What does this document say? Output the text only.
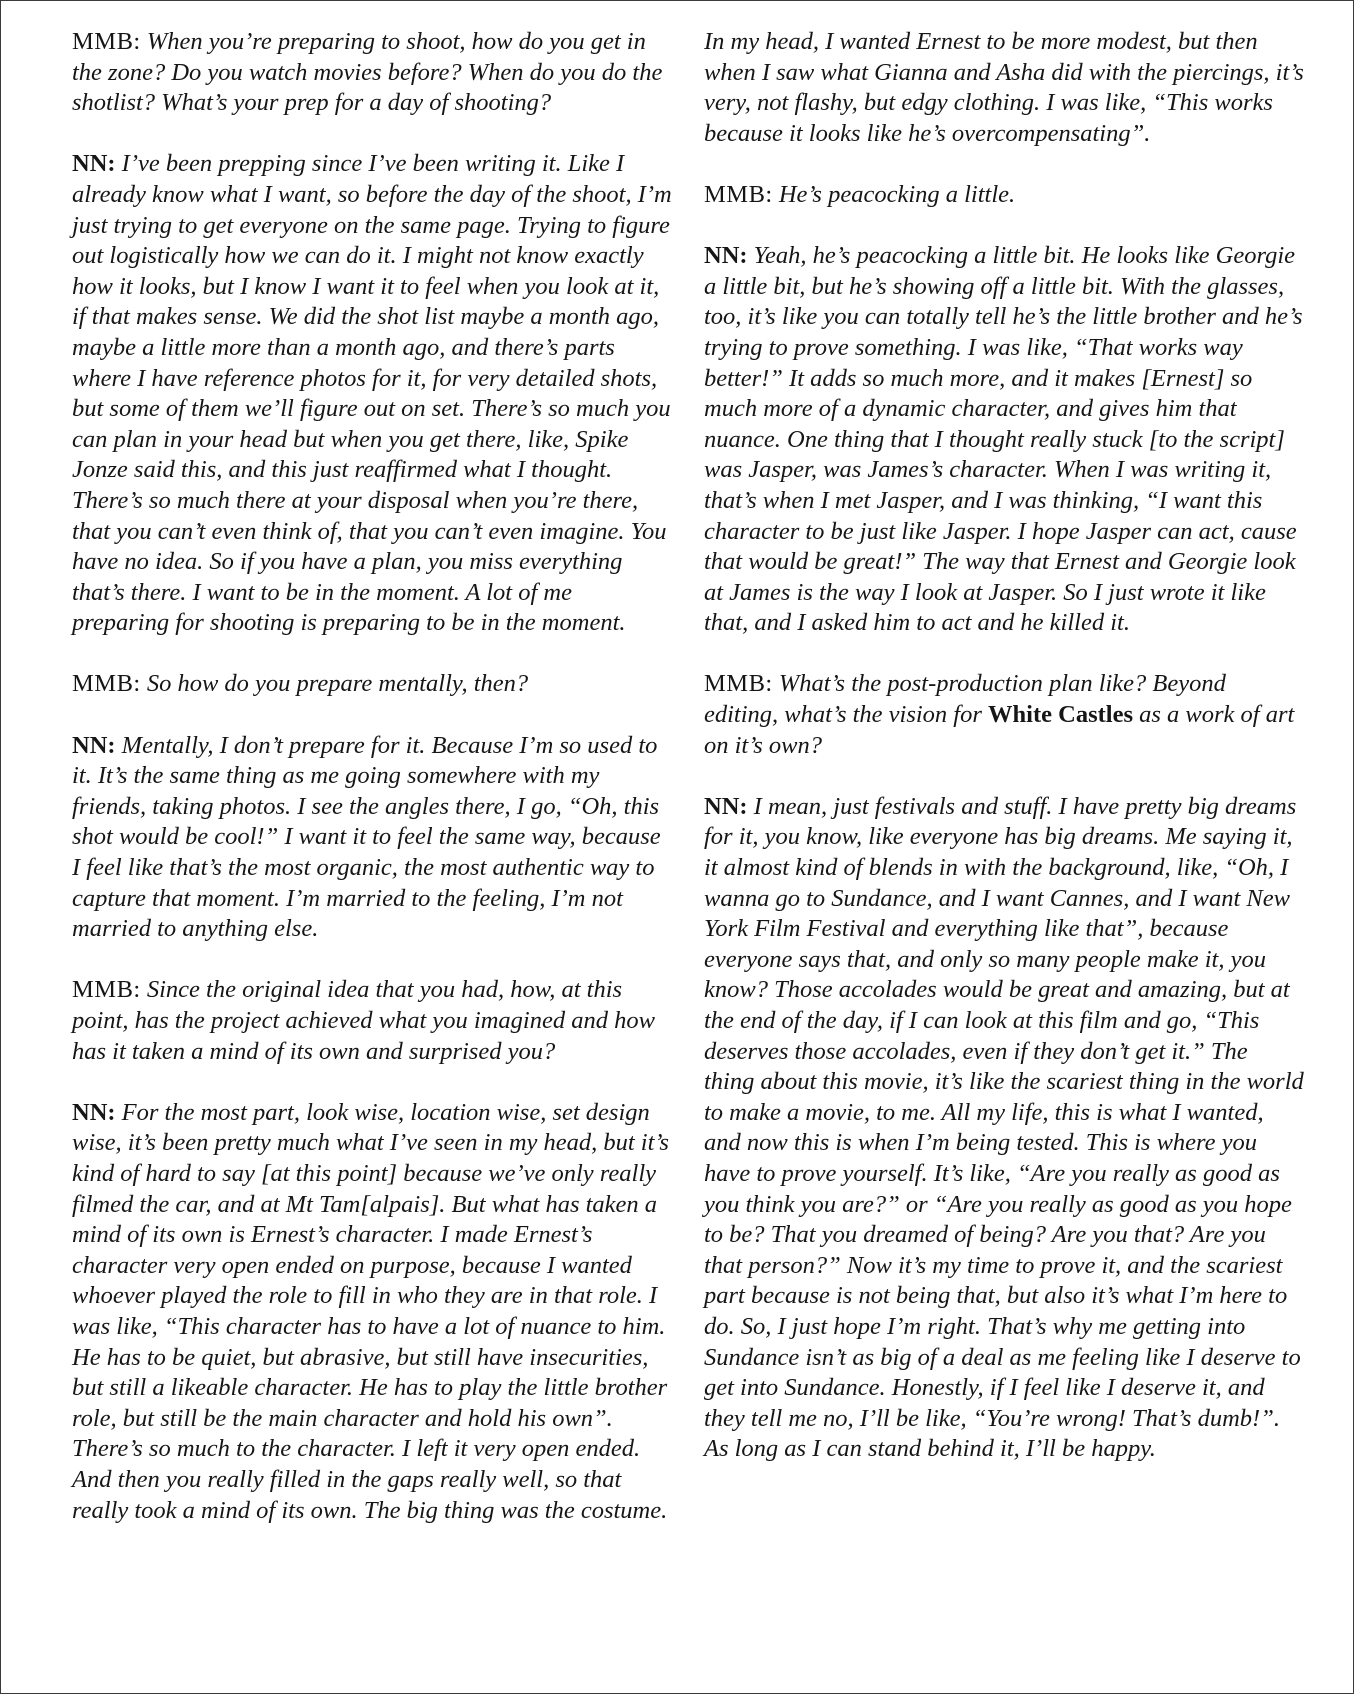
MMB: When you’re preparing to shoot, how do you get in the zone? Do you watch movies before? When do you do the shotlist? What’s your prep for a day of shooting?

NN: I’ve been prepping since I’ve been writing it. Like I already know what I want, so before the day of the shoot, I’m just trying to get everyone on the same page. Trying to figure out logistically how we can do it. I might not know exactly how it looks, but I know I want it to feel when you look at it, if that makes sense. We did the shot list maybe a month ago, maybe a little more than a month ago, and there’s parts where I have reference photos for it, for very detailed shots, but some of them we’ll figure out on set. There’s so much you can plan in your head but when you get there, like, Spike Jonze said this, and this just reaffirmed what I thought. There’s so much there at your disposal when you’re there, that you can’t even think of, that you can’t even imagine. You have no idea. So if you have a plan, you miss everything that’s there. I want to be in the moment. A lot of me preparing for shooting is preparing to be in the moment.

MMB: So how do you prepare mentally, then?

NN: Mentally, I don’t prepare for it. Because I’m so used to it. It’s the same thing as me going somewhere with my friends, taking photos. I see the angles there, I go, “Oh, this shot would be cool!” I want it to feel the same way, because I feel like that’s the most organic, the most authentic way to capture that moment. I’m married to the feeling, I’m not married to anything else.

MMB: Since the original idea that you had, how, at this point, has the project achieved what you imagined and how has it taken a mind of its own and surprised you?

NN: For the most part, look wise, location wise, set design wise, it’s been pretty much what I’ve seen in my head, but it’s kind of hard to say [at this point] because we’ve only really filmed the car, and at Mt Tam[alpais]. But what has taken a mind of its own is Ernest’s character. I made Ernest’s character very open ended on purpose, because I wanted whoever played the role to fill in who they are in that role. I was like, “This character has to have a lot of nuance to him. He has to be quiet, but abrasive, but still have insecurities, but still a likeable character. He has to play the little brother role, but still be the main character and hold his own”. There’s so much to the character. I left it very open ended. And then you really filled in the gaps really well, so that really took a mind of its own. The big thing was the costume.

In my head, I wanted Ernest to be more modest, but then when I saw what Gianna and Asha did with the piercings, it’s very, not flashy, but edgy clothing. I was like, “This works because it looks like he’s overcompensating”.

MMB: He’s peacocking a little.

NN: Yeah, he’s peacocking a little bit. He looks like Georgie a little bit, but he’s showing off a little bit. With the glasses, too, it’s like you can totally tell he’s the little brother and he’s trying to prove something. I was like, “That works way better!” It adds so much more, and it makes [Ernest] so much more of a dynamic character, and gives him that nuance. One thing that I thought really stuck [to the script] was Jasper, was James’s character. When I was writing it, that’s when I met Jasper, and I was thinking, “I want this character to be just like Jasper. I hope Jasper can act, cause that would be great!” The way that Ernest and Georgie look at James is the way I look at Jasper. So I just wrote it like that, and I asked him to act and he killed it.

MMB: What’s the post-production plan like? Beyond editing, what’s the vision for White Castles as a work of art on it’s own?

NN: I mean, just festivals and stuff. I have pretty big dreams for it, you know, like everyone has big dreams. Me saying it, it almost kind of blends in with the background, like, “Oh, I wanna go to Sundance, and I want Cannes, and I want New York Film Festival and everything like that”, because everyone says that, and only so many people make it, you know? Those accolades would be great and amazing, but at the end of the day, if I can look at this film and go, “This deserves those accolades, even if they don’t get it.” The thing about this movie, it’s like the scariest thing in the world to make a movie, to me. All my life, this is what I wanted, and now this is when I’m being tested. This is where you have to prove yourself. It’s like, “Are you really as good as you think you are?” or “Are you really as good as you hope to be? That you dreamed of being? Are you that? Are you that person?” Now it’s my time to prove it, and the scariest part because is not being that, but also it’s what I’m here to do. So, I just hope I’m right. That’s why me getting into Sundance isn’t as big of a deal as me feeling like I deserve to get into Sundance. Honestly, if I feel like I deserve it, and they tell me no, I’ll be like, “You’re wrong! That’s dumb!”. As long as I can stand behind it, I’ll be happy.
